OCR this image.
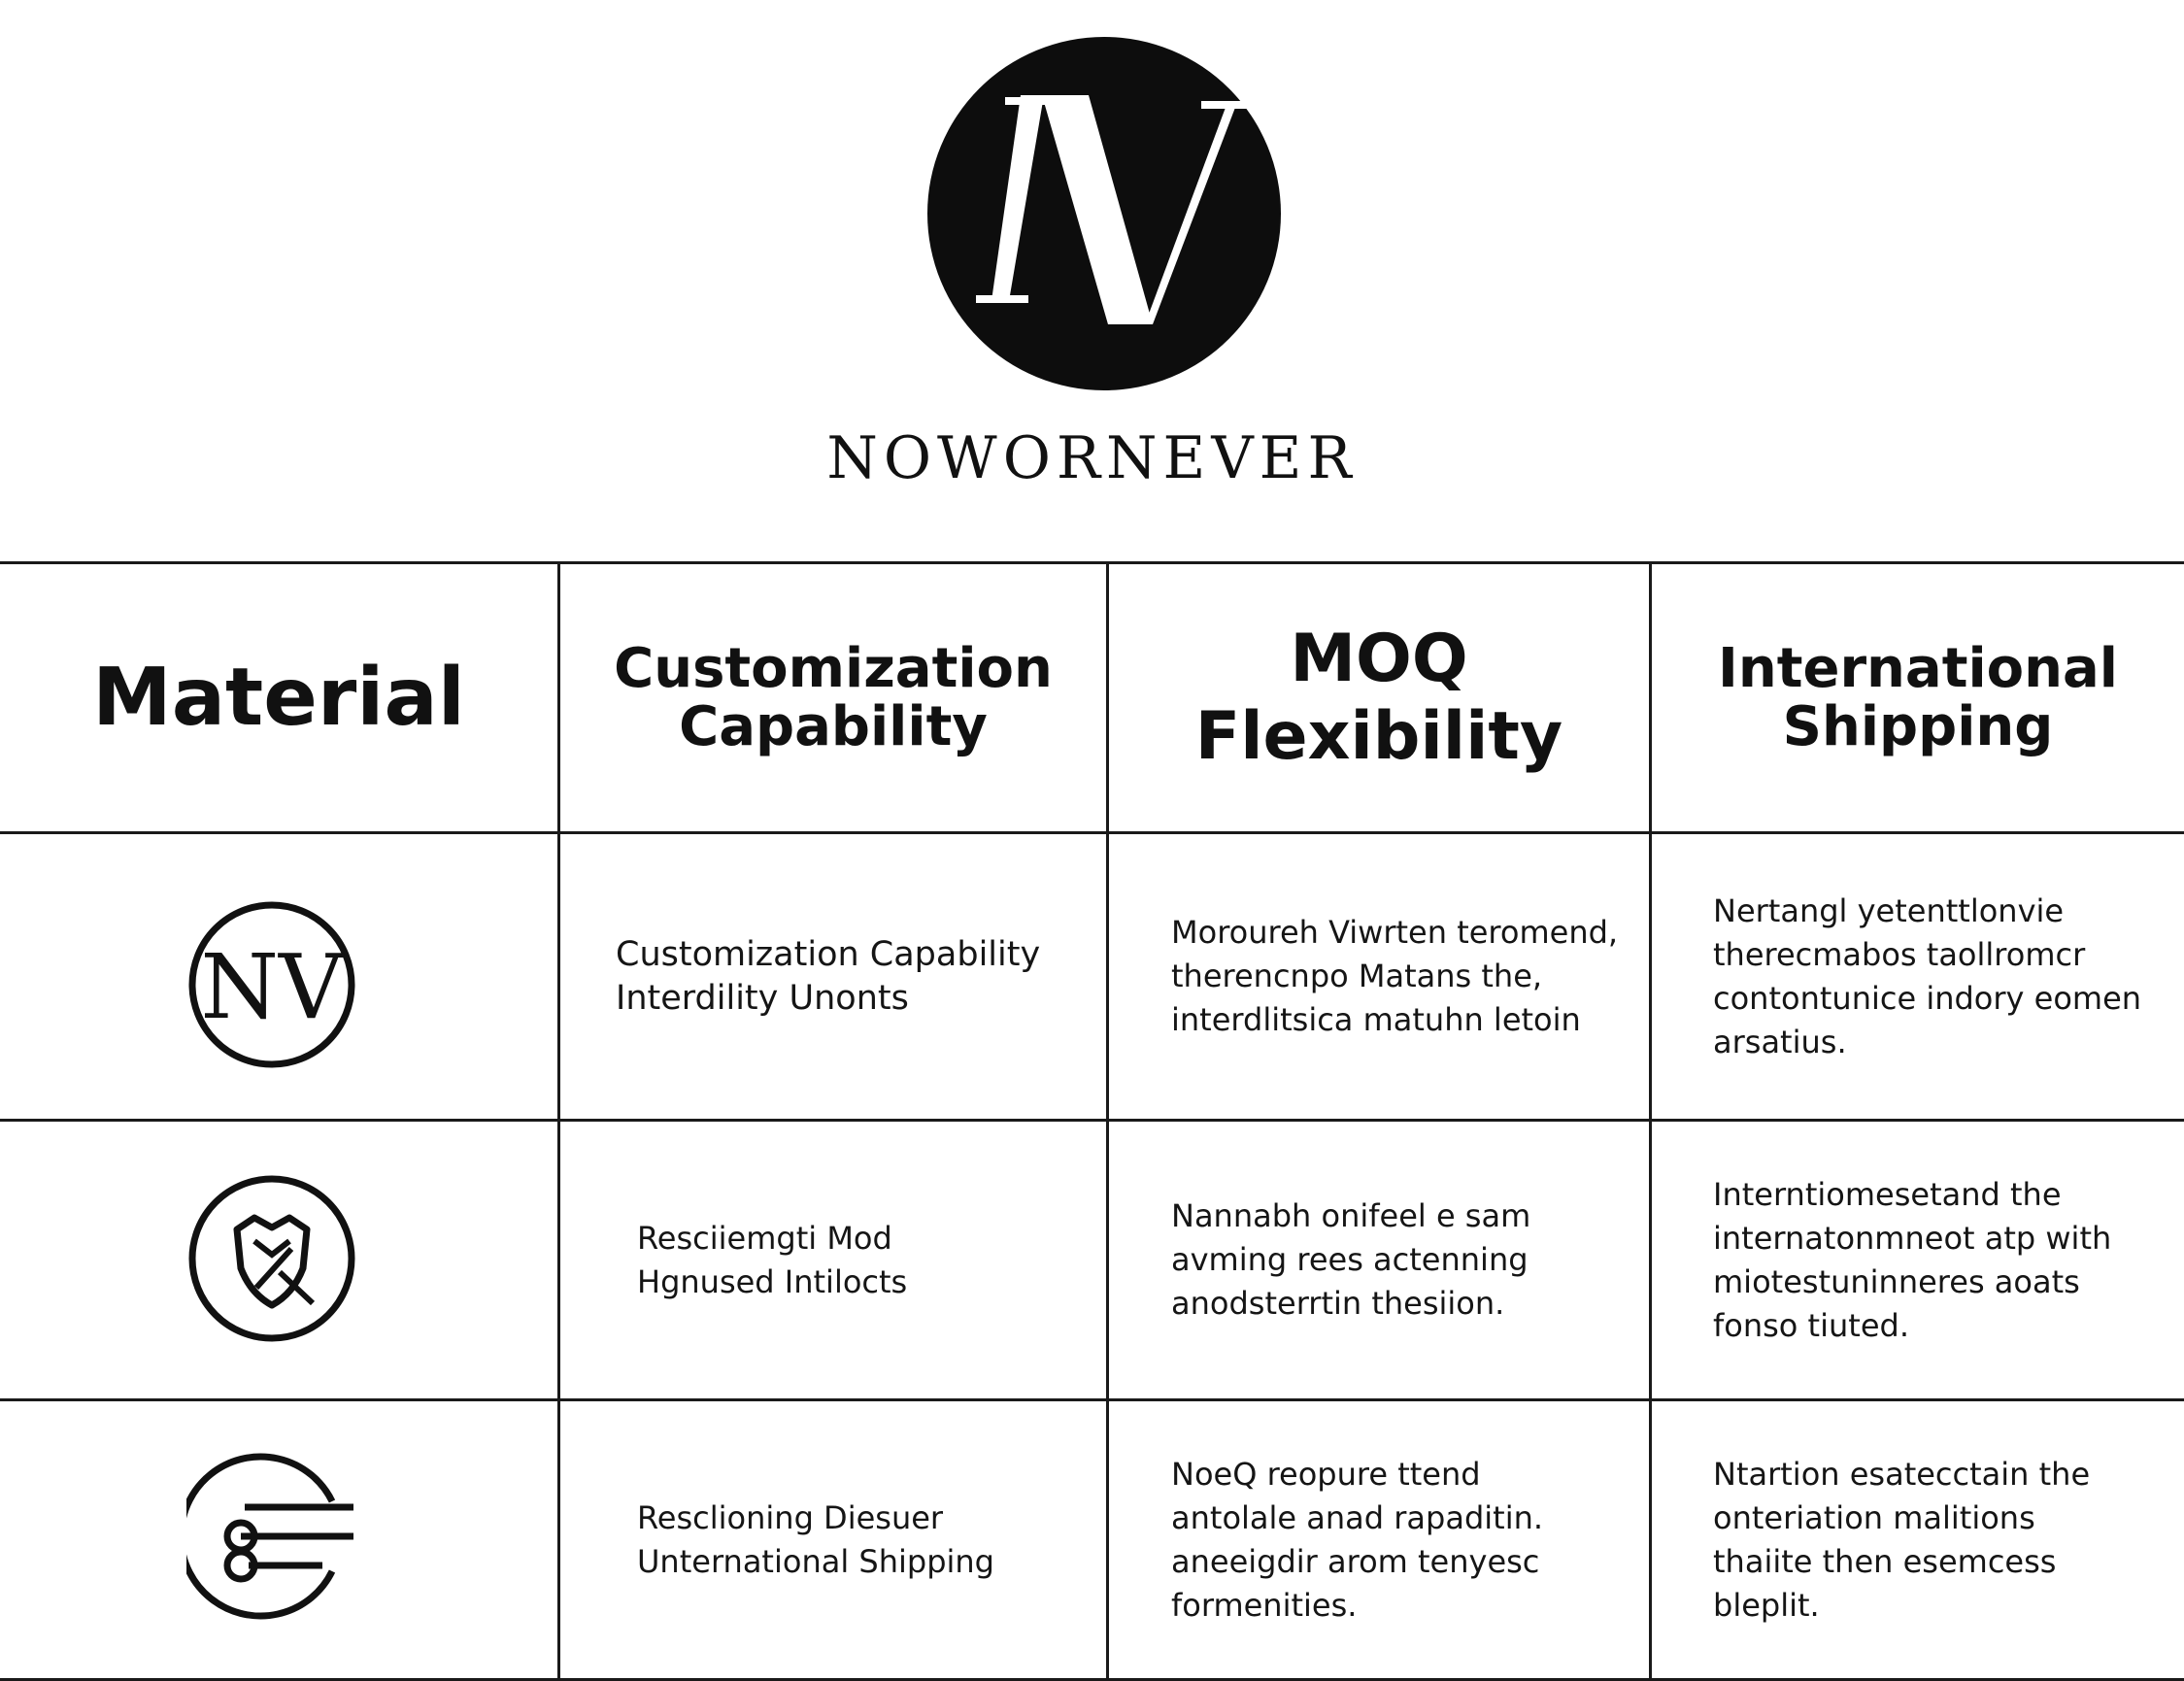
NOWORNEVER
Material	Customization
Capability
MOQ Flexibility
International
Shipping
NV	Customization Capability
Interdility Unonts
Moroureh Viwrten teromend,
therencnpo Matans the,
interdlitsica matuhn letoin
Nertangl yetenttlonvie
therecmabos taollromcr
contontunice indory eomen
arsatius.
Resciiemgti Mod
Hgnused Intilocts
Nannabh onifeel e sam
avming rees actenning
anodsterrtin thesiion.
Interntiomesetand the
internatonmneot atp with
miotestuninneres aoats
fonso tiuted.
Resclioning Diesuer
Unternational Shipping
NoeQ reopure ttend
antolale anad rapaditin.
aneeigdir arom tenyesc
formenities.
Ntartion esatecctain the
onteriation malitions
thaiite then esemcess
bleplit.
